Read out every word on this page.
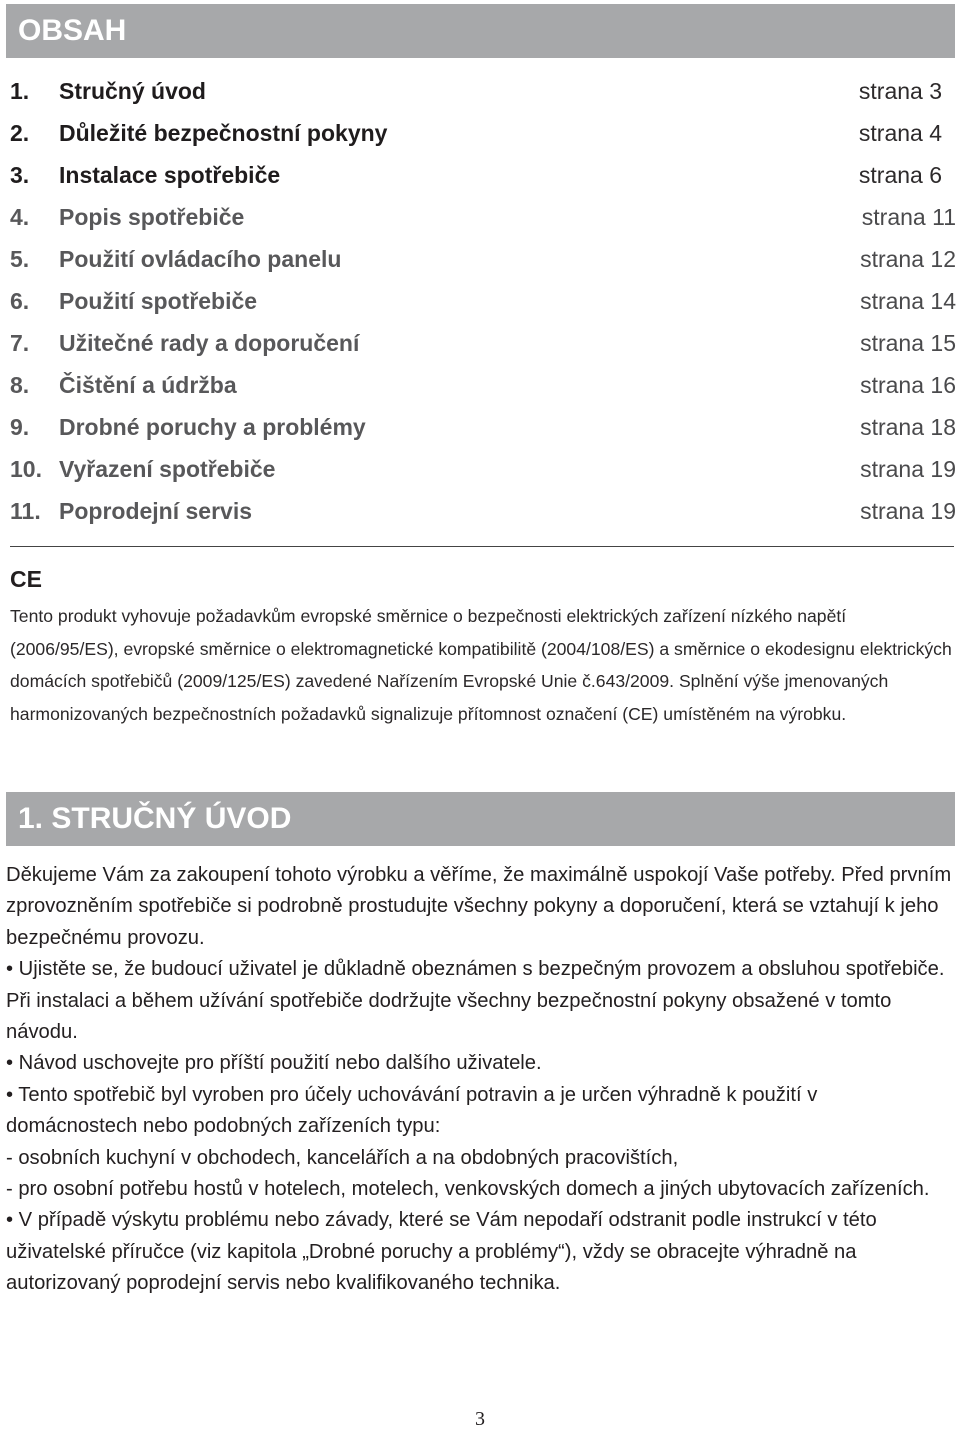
OBSAH
1. Stručný úvod	strana 3
2. Důležité bezpečnostní pokyny	strana 4
3. Instalace spotřebiče	strana 6
4. Popis spotřebiče	strana 11
5. Použití ovládacího panelu	strana 12
6. Použití spotřebiče	strana 14
7. Užitečné rady a doporučení	strana 15
8. Čištění a údržba	strana 16
9. Drobné poruchy a problémy	strana 18
10. Vyřazení spotřebiče	strana 19
11. Poprodejní servis	strana 19
CE

Tento produkt vyhovuje požadavkům evropské směrnice o bezpečnosti elektrických zařízení nízkého napětí (2006/95/ES), evropské směrnice o elektromagnetické kompatibilitě (2004/108/ES) a směrnice o ekodesignu elektrických domácích spotřebičů (2009/125/ES) zavedené Nařízením Evropské Unie č.643/2009. Splnění výše jmenovaných harmonizovaných bezpečnostních požadavků signalizuje přítomnost označení (CE) umístěném na výrobku.

1. STRUČNÝ ÚVOD

Děkujeme Vám za zakoupení tohoto výrobku a věříme, že maximálně uspokojí Vaše potřeby. Před prvním zprovozněním spotřebiče si podrobně prostudujte všechny pokyny a doporučení, která se vztahují k jeho bezpečnému provozu.

• Ujistěte se, že budoucí uživatel je důkladně obeznámen s bezpečným provozem a obsluhou spotřebiče. Při instalaci a během užívání spotřebiče dodržujte všechny bezpečnostní pokyny obsažené v tomto návodu.

• Návod uschovejte pro příští použití nebo dalšího uživatele.

• Tento spotřebič byl vyroben pro účely uchovávání potravin a je určen výhradně k použití v domácnostech nebo podobných zařízeních typu:

- osobních kuchyní v obchodech, kancelářích a na obdobných pracovištích,

- pro osobní potřebu hostů v hotelech, motelech, venkovských domech a jiných ubytovacích zařízeních.

• V případě výskytu problému nebo závady, které se Vám nepodaří odstranit podle instrukcí v této uživatelské příručce (viz kapitola „Drobné poruchy a problémy“), vždy se obracejte výhradně na autorizovaný poprodejní servis nebo kvalifikovaného technika.

3
